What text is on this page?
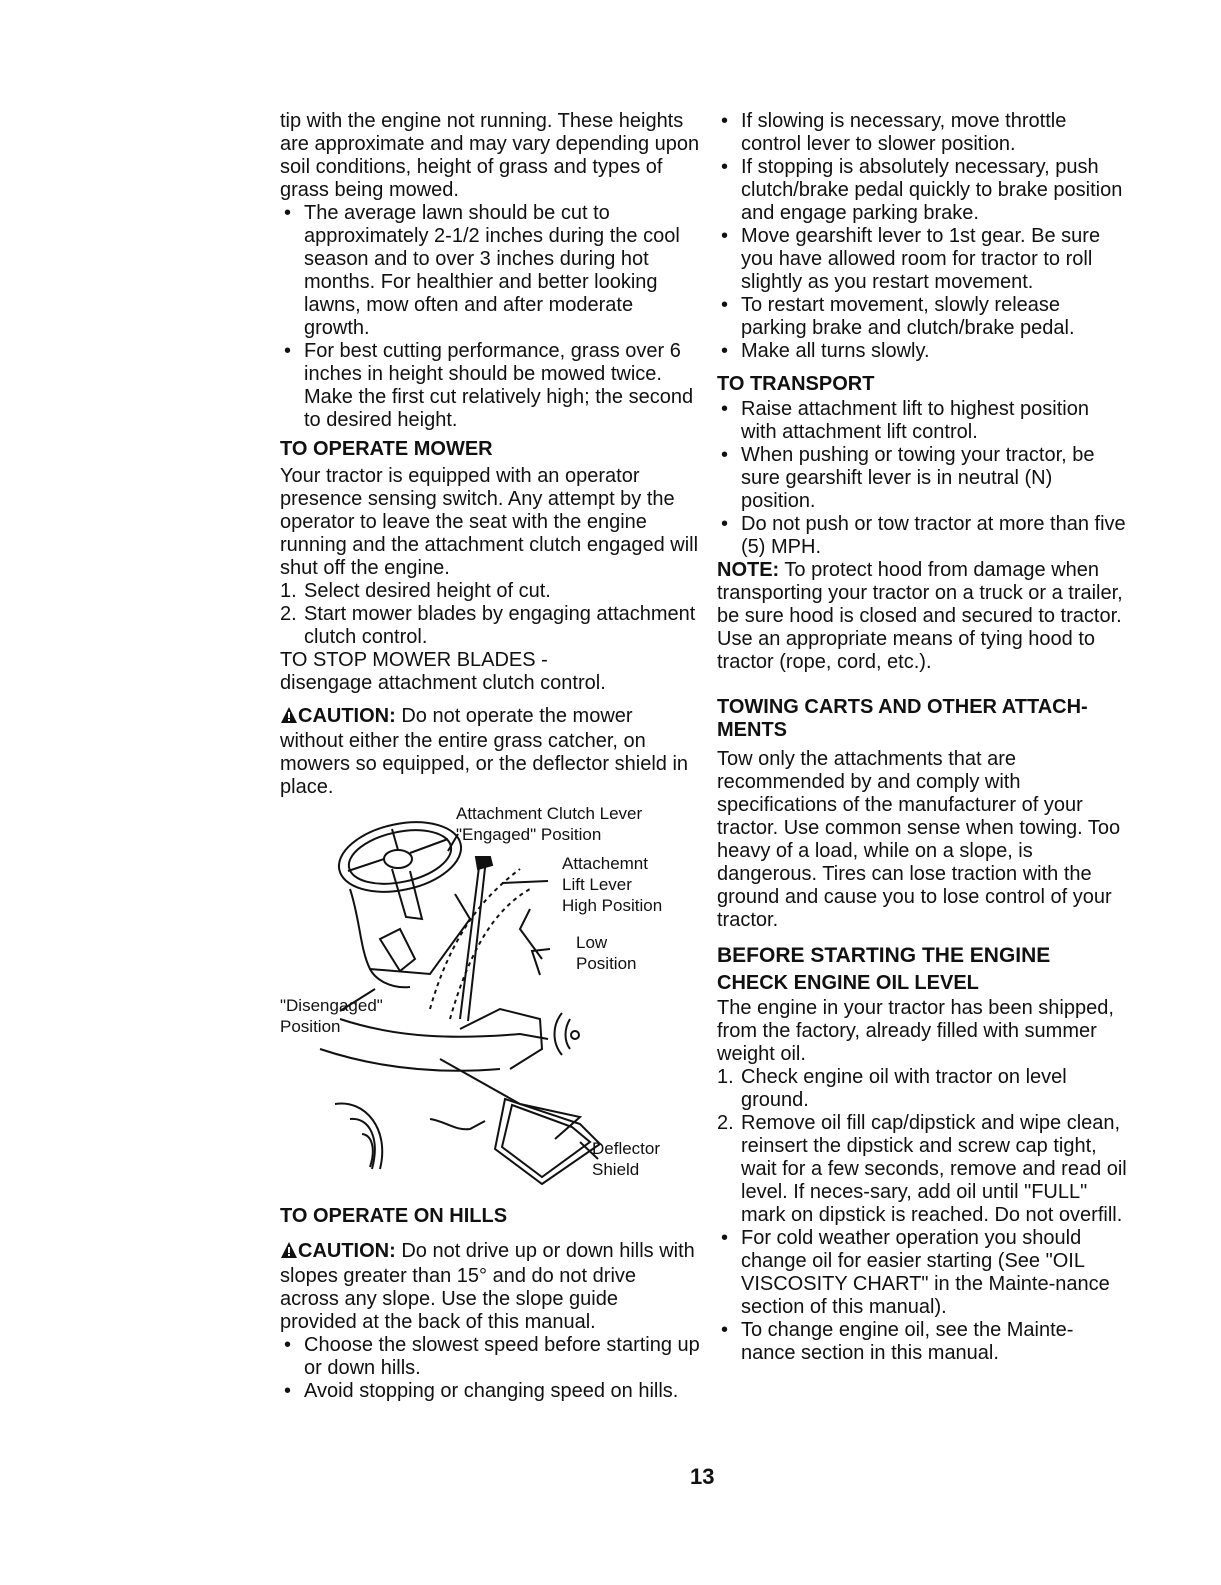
tip with the engine not running. These heights are approximate and may vary depending upon soil conditions, height of grass and types of grass being mowed.

• The average lawn should be cut to approximately 2-1/2 inches during the cool season and to over 3 inches during hot months. For healthier and better looking lawns, mow often and after moderate growth.
• For best cutting performance, grass over 6 inches in height should be mowed twice. Make the first cut relatively high; the second to desired height.
TO OPERATE MOWER

Your tractor is equipped with an operator presence sensing switch. Any attempt by the operator to leave the seat with the engine running and the attachment clutch engaged will shut off the engine.

1. Select desired height of cut.
2. Start mower blades by engaging attachment clutch control.

TO STOP MOWER BLADES -

disengage attachment clutch control.

CAUTION: Do not operate the mower without either the entire grass catcher, on mowers so equipped, or the deflector shield in place.

Attachment Clutch Lever
"Engaged" Position
Attachemnt
Lift Lever
High Position
Low
Position
"Disengaged"
Position
Deflector
Shield
TO OPERATE ON HILLS

CAUTION: Do not drive up or down hills with slopes greater than 15° and do not drive across any slope. Use the slope guide provided at the back of this manual.

• Choose the slowest speed before starting up or down hills.
• Avoid stopping or changing speed on hills.
• If slowing is necessary, move throttle control lever to slower position.
• If stopping is absolutely necessary, push clutch/brake pedal quickly to brake position and engage parking brake.
• Move gearshift lever to 1st gear. Be sure you have allowed room for tractor to roll slightly as you restart movement.
• To restart movement, slowly release parking brake and clutch/brake pedal.
• Make all turns slowly.
TO TRANSPORT
• Raise attachment lift to highest position with attachment lift control.
• When pushing or towing your tractor, be sure gearshift lever is in neutral (N) position.
• Do not push or tow tractor at more than five (5) MPH.

NOTE: To protect hood from damage when transporting your tractor on a truck or a trailer, be sure hood is closed and secured to tractor. Use an appropriate means of tying hood to tractor (rope, cord, etc.).

TOWING CARTS AND OTHER ATTACH-MENTS

Tow only the attachments that are recommended by and comply with specifications of the manufacturer of your tractor. Use common sense when towing. Too heavy of a load, while on a slope, is dangerous. Tires can lose traction with the ground and cause you to lose control of your tractor.

BEFORE STARTING THE ENGINE
CHECK ENGINE OIL LEVEL

The engine in your tractor has been shipped, from the factory, already filled with summer weight oil.

1. Check engine oil with tractor on level ground.
2. Remove oil fill cap/dipstick and wipe clean, reinsert the dipstick and screw cap tight, wait for a few seconds, remove and read oil level. If neces-sary, add oil until "FULL" mark on dipstick is reached. Do not overfill.
• For cold weather operation you should change oil for easier starting (See "OIL VISCOSITY CHART" in the Mainte-nance section of this manual).
• To change engine oil, see the Mainte-nance section in this manual.
13
